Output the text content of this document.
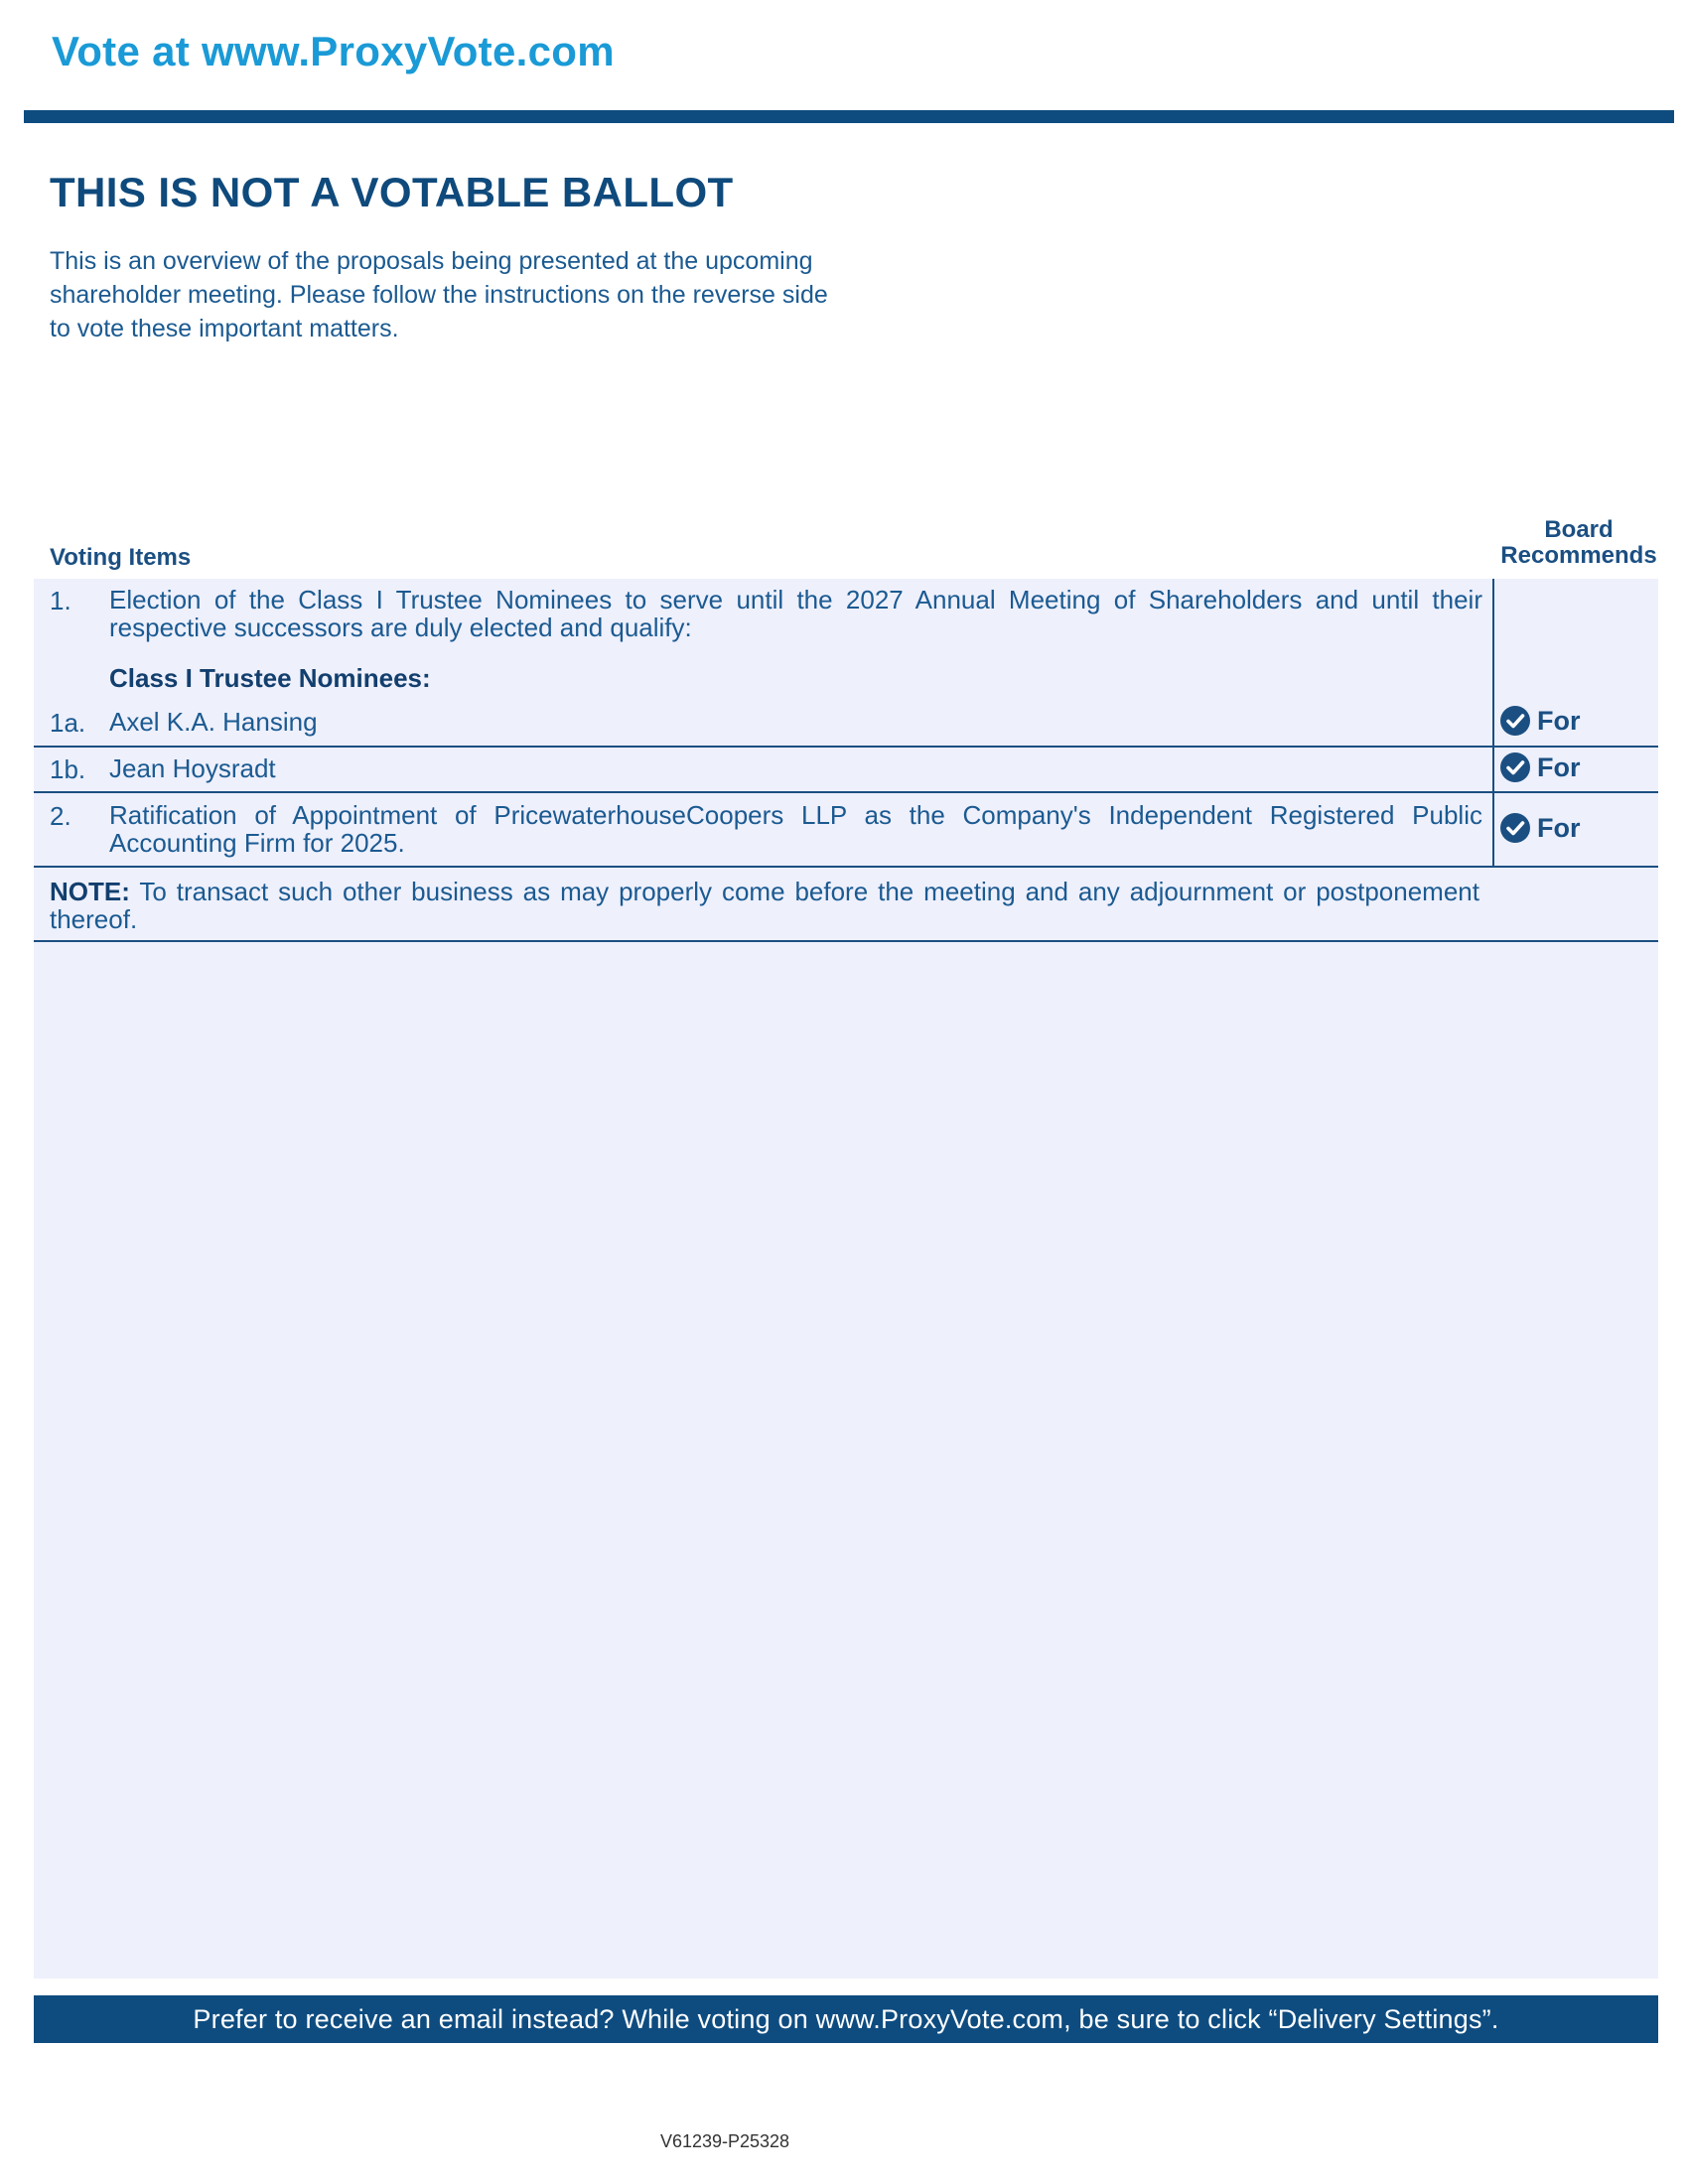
Vote at www.ProxyVote.com
THIS IS NOT A VOTABLE BALLOT
This is an overview of the proposals being presented at the upcoming shareholder meeting. Please follow the instructions on the reverse side to vote these important matters.
Voting Items
Board Recommends
1. Election of the Class I Trustee Nominees to serve until the 2027 Annual Meeting of Shareholders and until their respective successors are duly elected and qualify:
Class I Trustee Nominees:
1a. Axel K.A. Hansing	For
1b. Jean Hoysradt	For
2. Ratification of Appointment of PricewaterhouseCoopers LLP as the Company's Independent Registered Public Accounting Firm for 2025.
For
NOTE: To transact such other business as may properly come before the meeting and any adjournment or postponement thereof.
Prefer to receive an email instead? While voting on www.ProxyVote.com, be sure to click “Delivery Settings”.
V61239-P25328
